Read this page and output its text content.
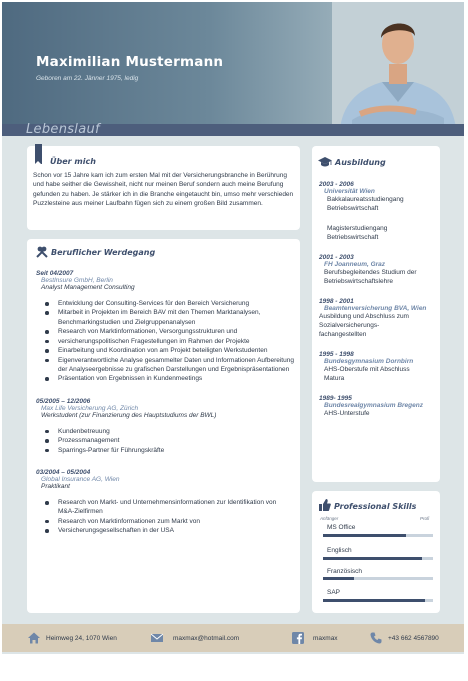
Maximilian Mustermann
Geboren am 22. Jänner 1975, ledig
Lebenslauf
Über mich
Schon vor 15 Jahre kam ich zum ersten Mal mit der Versicherungsbranche in Berührung und habe seither die Gewissheit, nicht nur meinen Beruf sondern auch meine Berufung gefunden zu haben. Je stärker ich in die Branche eingetaucht bin, umso mehr verschieden Puzzlesteine aus meiner Laufbahn fügen sich zu einem großen Bild zusammen.
Beruflicher Werdegang
Seit 04/2007
BestInsure GmbH, Berlin
Analyst Management Consulting
Entwicklung der Consulting-Services für den Bereich Versicherung
Mitarbeit in Projekten im Bereich BAV mit den Themen Marktanalysen, Benchmarkingstudien und Zielgruppenanalysen
Research von Marktinformationen, Versorgungsstrukturen und
versicherungspolitischen Fragestellungen im Rahmen der Projekte
Einarbeitung und Koordination von am Projekt beteiligten Werkstudenten
Eigenverantwortliche Analyse gesammelter Daten und Informationen Aufbereitung der Analyseergebnisse zu grafischen Darstellungen und Ergebnispräsentationen
Präsentation von Ergebnissen in Kundenmeetings
05/2005 – 12/2006
Max Life Versicherung AG, Zürich
Werkstudent (zur Finanzierung des Hauptstudiums der BWL)
Kundenbetreuung
Prozessmanagement
Sparrings-Partner für Führungskräfte
03/2004 – 05/2004
Global Insurance AG, Wien
Praktikant
Research von Markt- und Unternehmensinformationen zur Identifikation von M&A-Zielfirmen
Research von Marktinformationen zum Markt von
Versicherungsgesellschaften in der USA
Ausbildung
2003 - 2006
Universität Wien
Bakkalaureatsstudiengang Betriebswirtschaft
Magisterstudiengang Betriebswirtschaft
2001 - 2003
FH Joanneum, Graz
Berufsbegleitendes Studium der Betriebswirtschaftslehre
1998 - 2001
Beamtenversicherung BVA, Wien
Ausbildung und Abschluss zum Sozialversicherungs-fachangestellten
1995 - 1998
Bundesgymnasium Dornbirn
AHS-Oberstufe mit Abschluss Matura
1989- 1995
Bundesrealgymnasium Bregenz
AHS-Unterstufe
Professional Skills
Anfänger	Profi
MS Office
Englisch
Französisch
SAP
Heimweg 24, 1070 Wien	maxmax@hotmail.com	maxmax	+43 662 4567890
